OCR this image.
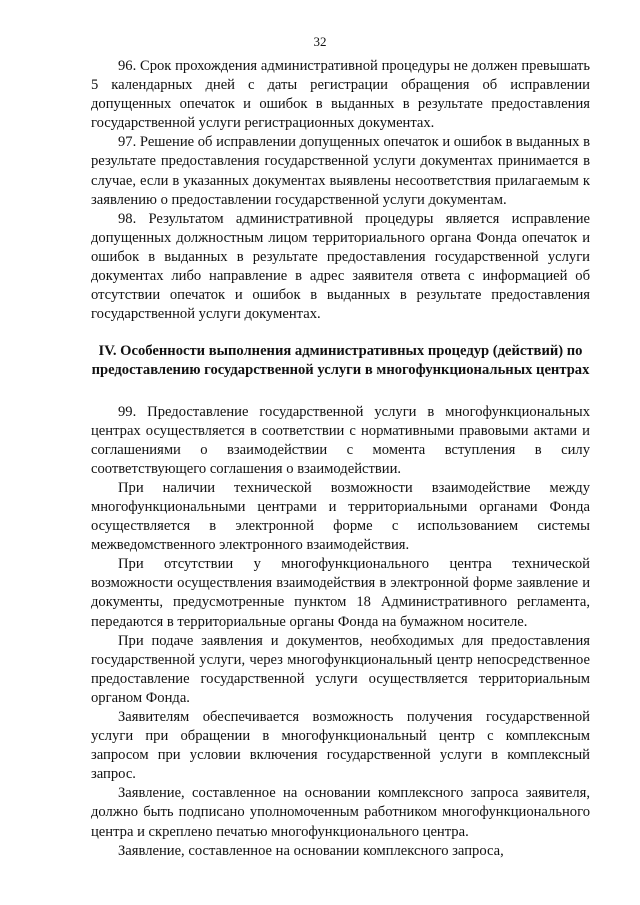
32

96. Срок прохождения административной процедуры не должен превышать 5 календарных дней с даты регистрации обращения об исправлении допущенных опечаток и ошибок в выданных в результате предоставления государственной услуги регистрационных документах.

97. Решение об исправлении допущенных опечаток и ошибок в выданных в результате предоставления государственной услуги документах принимается в случае, если в указанных документах выявлены несоответствия прилагаемым к заявлению о предоставлении государственной услуги документам.

98. Результатом административной процедуры является исправление допущенных должностным лицом территориального органа Фонда опечаток и ошибок в выданных в результате предоставления государственной услуги документах либо направление в адрес заявителя ответа с информацией об отсутствии опечаток и ошибок в выданных в результате предоставления государственной услуги документах.

IV. Особенности выполнения административных процедур (действий) по предоставлению государственной услуги в многофункциональных центрах

99. Предоставление государственной услуги в многофункциональных центрах осуществляется в соответствии с нормативными правовыми актами и соглашениями о взаимодействии с момента вступления в силу соответствующего соглашения о взаимодействии.

При наличии технической возможности взаимодействие между многофункциональными центрами и территориальными органами Фонда осуществляется в электронной форме с использованием системы межведомственного электронного взаимодействия.

При отсутствии у многофункционального центра технической возможности осуществления взаимодействия в электронной форме заявление и документы, предусмотренные пунктом 18 Административного регламента, передаются в территориальные органы Фонда на бумажном носителе.

При подаче заявления и документов, необходимых для предоставления государственной услуги, через многофункциональный центр непосредственное предоставление государственной услуги осуществляется территориальным органом Фонда.

Заявителям обеспечивается возможность получения государственной услуги при обращении в многофункциональный центр с комплексным запросом при условии включения государственной услуги в комплексный запрос.

Заявление, составленное на основании комплексного запроса заявителя, должно быть подписано уполномоченным работником многофункционального центра и скреплено печатью многофункционального центра.

Заявление, составленное на основании комплексного запроса,
